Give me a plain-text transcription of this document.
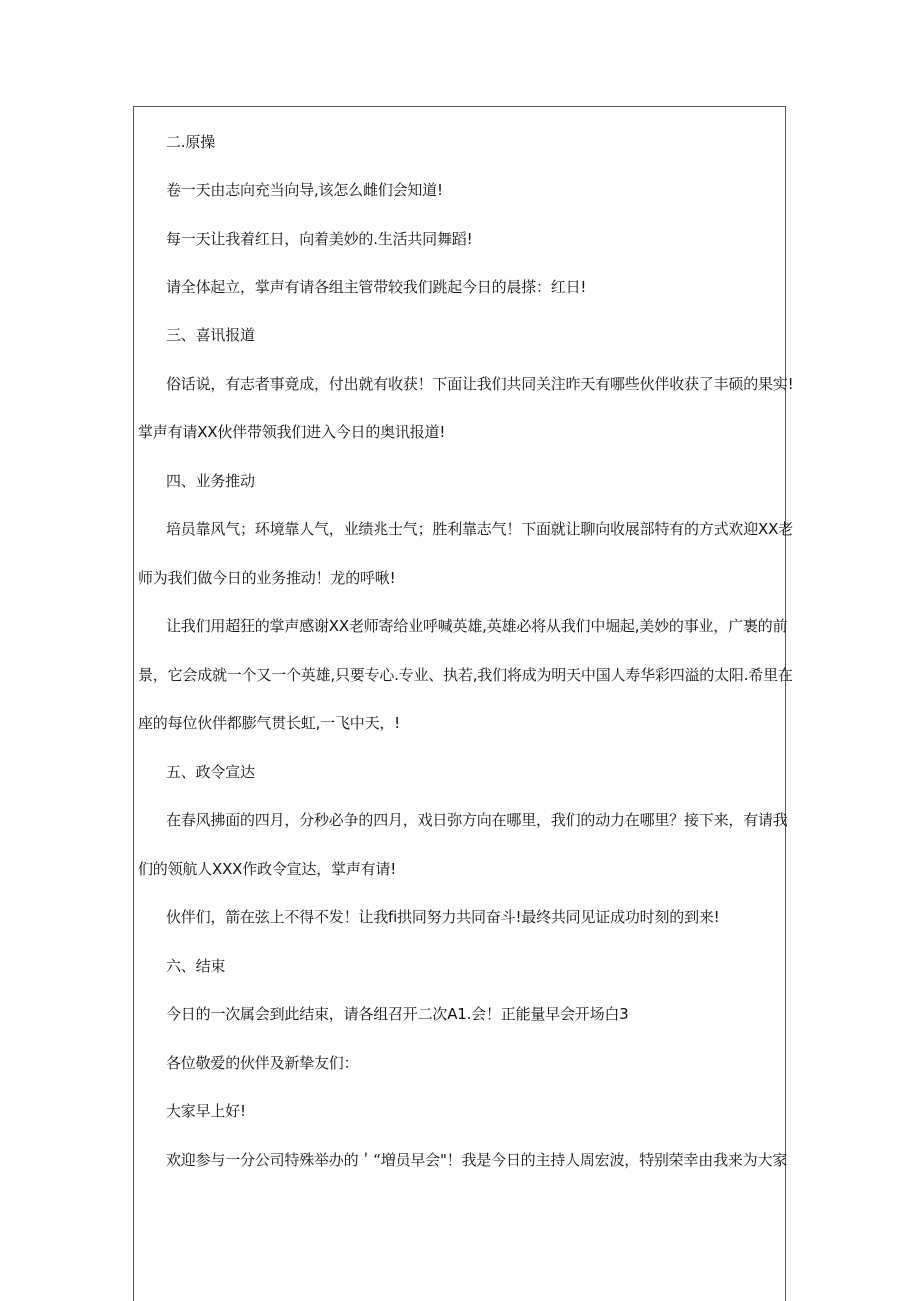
二.原操
卷一天由志向充当向导,该怎么雌们会知道!
每一天让我着红日，向着美妙的.生活共同舞蹈!
请全体起立，掌声有请各组主管带较我们跳起今日的晨搽：红日!
三、喜讯报道
俗话说，有志者事竟成，付出就有收获！下面让我们共同关注昨天有哪些伙伴收获了丰硕的果实!
掌声有请XX伙伴带领我们进入今日的奥讯报道!
四、业务推动
培员靠风气；环境靠人气，业绩兆士气；胜利靠志气！下面就让聊向收展部特有的方式欢迎XX老
师为我们做今日的业务推动！龙的呼啾!
让我们用超狂的掌声感谢XX老师寄给业呼喊英雄,英雄必将从我们中堀起,美妙的事业，广裹的前
景，它会成就一个又一个英雄,只要专心.专业、执若,我们将成为明天中国人寿华彩四溢的太阳.希里在
座的每位伙伴都膨气贯长虹,一飞中天，!
五、政令宣达
在春风拂面的四月，分秒必争的四月，戏日弥方向在哪里，我们的动力在哪里？接下来，有请我
们的领航人XXX作政令宣达，掌声有请!
伙伴们，箭在弦上不得不发！让我fi拱同努力共同奋斗!最终共同见证成功时刻的到来!
六、结束
今日的一次属会到此结束，请各组召开二次A1.会！正能量早会开场白3
各位敬爱的伙伴及新挚友们：
大家早上好!
欢迎参与一分公司特殊举办的＇“増员早会"！我是今日的主持人周宏波，特别荣幸由我来为大家
